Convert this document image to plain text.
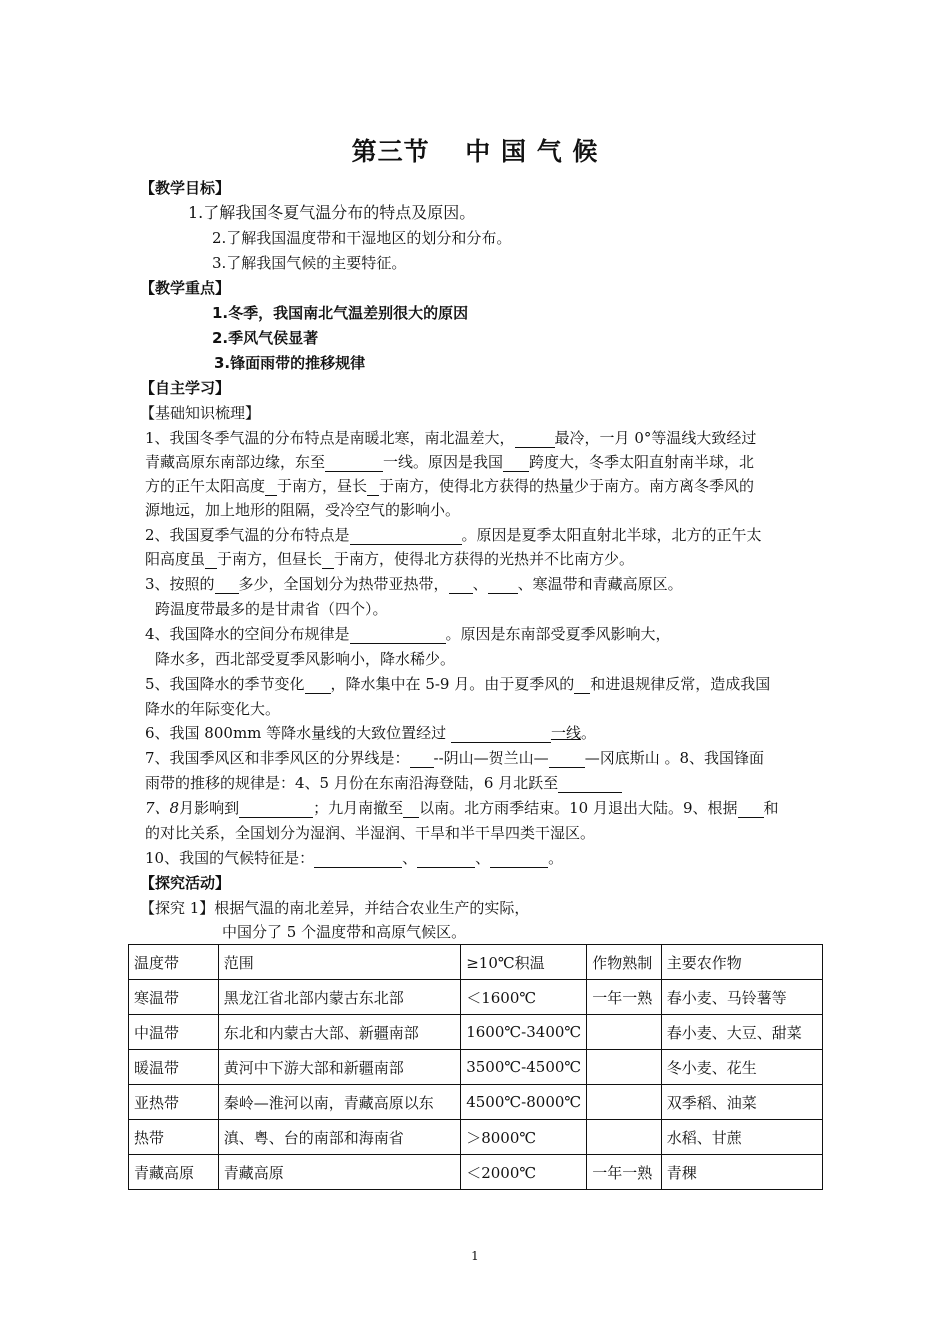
第三节　 中 国 气 候
【教学目标】
1.了解我国冬夏气温分布的特点及原因。
2.了解我国温度带和干湿地区的划分和分布。
3.了解我国气候的主要特征。
【教学重点】
1.冬季，我国南北气温差别很大的原因
2.季风气侯显著
3.锋面雨带的推移规律
【自主学习】
【基础知识梳理】
1、我国冬季气温的分布特点是南暖北寒，南北温差大，	最冷，一月 0°等温线大致经过
青藏高原东南部边缘，东至	一线。原因是我国 跨度大，冬季太阳直射南半球，北
方的正午太阳高度 于南方，昼长 于南方，使得北方获得的热量少于南方。南方离冬季风的
源地远，加上地形的阻隔，受冷空气的影响小。
2、我国夏季气温的分布特点是	。原因是夏季太阳直射北半球，北方的正午太
阳高度虽 于南方，但昼长 于南方，使得北方获得的光热并不比南方少。
3、按照的 多少，全国划分为热带亚热带， 、 、寒温带和青藏高原区。
跨温度带最多的是甘肃省（四个）。
4、我国降水的空间分布规律是	。原因是东南部受夏季风影响大，
降水多，西北部受夏季风影响小，降水稀少。
5、我国降水的季节变化 ，降水集中在 5-9 月。由于夏季风的 和进退规律反常，造成我国
降水的年际变化大。
6、我国 800mm 等降水量线的大致位置经过	一线。
7、我国季风区和非季风区的分界线是： --阴山—贺兰山— —冈底斯山 。8、我国锋面
雨带的推移的规律是：4、5 月份在东南沿海登陆，6 月北跃至
7、8月影响到	；九月南撤至 以南。北方雨季结束。10 月退出大陆。9、根据 和
的对比关系，全国划分为湿润、半湿润、干旱和半干旱四类干湿区。
10、我国的气候特征是：	、	、	。
【探究活动】
【探究 1】根据气温的南北差异，并结合农业生产的实际，
中国分了 5 个温度带和高原气候区。
温度带	范围	≥10℃积温	作物熟制	主要农作物
寒温带	黑龙江省北部内蒙古东北部	＜1600℃	一年一熟	春小麦、马铃薯等
中温带	东北和内蒙古大部、新疆南部	1600℃-3400℃		春小麦、大豆、甜菜
暖温带	黄河中下游大部和新疆南部	3500℃-4500℃		冬小麦、花生
亚热带	秦岭—淮河以南，青藏高原以东	4500℃-8000℃		双季稻、油菜
热带	滇、粤、台的南部和海南省	＞8000℃		水稻、甘蔗
青藏高原	青藏高原	＜2000℃	一年一熟	青稞
1
